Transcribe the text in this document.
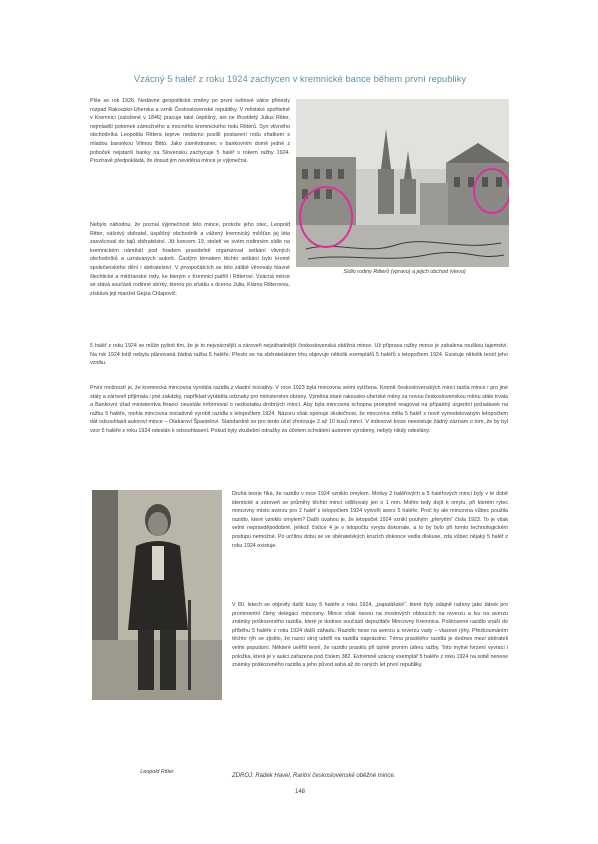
Vzácný 5 haléř z roku 1924 zachycen v kremnické bance během první republiky

Píše se rok 1926. Nedávné geopolitické změny po první světové válce přinesly rozpad Rakousko-Uherska a vznik Československé republiky. V městské spořitelně v Kremnici (založené v 1846) pracuje také úspěšný, ani ne třicetiletý Julius Ritter, nejmladší potomek zámožného a mocného kremnického rodu Ritterů. Syn vlivného obchodníka Leopolda Rittera teprve nedávno posílil postavení rodu sňatkem s mladou baronkou Vilmou Bittó. Jako zaměstnanec v bankovním domě jedné z poboček nejstarší banky na Slovensku zachycuje 5 haléř s rokem ražby 1924. Prozíravě předpokládá, že dosud jim neviděná mince je výjimečná.

Sídlo rodiny Ritterů (vpravo) a jejich obchod (vlevo)

Nebylo náhodou, že poznal výjimečnost této mince, protože jeho otec, Leopold Ritter, vášnivý sběratel, úspěšný obchodník a vážený kremnický měšťan jej léta zasvěcoval do tajů sběratelství. Již koncem 19. století ve svém rodinném sídle na kremnickém náměstí pod hradem pravidelně organizoval setkání vlivných obchodníků a uznávaných autorit. Častým tématem těchto setkání bylo kromě společenského dění i sběratelství. V prvopočátcích se této zálibě věnovaly hlavně šlechtické a měšťanské rody, ke kterým v Kremnici patřili i Ritterovi. Vzácná mince se stává součástí rodinné sbírky, kterou po sňatku s dcerou Julia, Klárou Ritterovou, získává její manžel Gejza Chlapovič.

5 haléř z roku 1924 se může pyšnit tím, že je to nejvzácnější a zároveň nejzáhadnější československá oběžná mince. Už příprava ražby mince je zahalena rouškou tajemství. Na rok 1924 totiž nebyla plánovaná žádná ražba 5 haléře. Přesto se na sběratelském trhu objevuje několik exemplářů 5 haléřů s letopočtem 1924. Existuje několik teorií jeho vzniku.

První možností je, že kremnická mincovna vyrobila razidla z vlastní iniciativy. V roce 1923 byla mincovna velmi vytížena. Kromě československých mincí razila mince i pro jiné státy a zároveň přijímala i jiné zakázky, například vyráběla odznaky pro ministerstvo obrany. Výměna staré rakousko-uherské měny za novou československou měnu stále trvala a Bankovní úřad ministerstva financí neustále informoval o nedostatku drobných mincí. Aby byla mincovna schopna promptně reagovat na případný urgentní požadavek na ražbu 5 haléře, mohla mincovna iniciativně vyrobit razidla s letopočtem 1924. Názoru však oponuje skutečnost, že mincovna měla 5 haléř s nově vymodelovaným letopočtem dát odsouhlasit autorovi mince – Otakarovi Španielovi. Standardně se pro tento účel zhotovuje 2 až 10 kusů mincí. V indexové knize neexistuje žádný záznam o tom, že by byl vzor 5 haléře z roku 1924 odeslán k odsouhlasení. Pokud byly zkušební odražky za účelem schválení autorem vyrobeny, nebyly nikdy odeslány.

Leopold Ritter

Druhá teorie říká, že razidlo v roce 1924 vzniklo omylem. Motivy 2 haléřových a 5 haléřových mincí byly v té době identické a zároveň se průměry těchto mincí odlišovaly jen o 1 mm. Mohlo tedy dojít k omylu, při kterém rytec mincovny místo averzu pro 2 haléř s letopočtem 1924 vytvořil averz 5 haléře. Proč by ale mincovna vůbec použila razidlo, které vzniklo omylem? Další úvahou je, že letopočet 1924 vznikl pouhým „přerytím“ čísla 1923. To je však velmi nepravděpodobné, jelikož číslice 4 je v letopočtu vyryta dokonale, a to by bylo při tomto technologickém postupu nemožné. Po určitou dobu se ve sběratelských kruzích dokonce vedla diskuse, zda vůbec nějaký 5 haléř z roku 1924 existuje.

V 80. letech se objevily další kusy 5 haléře z roku 1924, „papalášské“, které byly údajně raženy jako dárek pro prominentní členy delegací mincovny. Mince však nesou na mostových obloucích na reverzu a lvu na averzu známky poškozeného razidla, které je dodnes součástí depozitáře Mincovny Kremnica. Poškozené razidlo vnáší do příběhu 5 haléře z roku 1924 další záhadu. Razidlo nese na averzu a reverzu vady – vlasové rýhy. Přezkoumáním těchto rýh se zjistilo, že razicí stroj udeřil na razidla naprázdno. Téma prasklého razidla je dodnes mezi sběrateli velmi populární. Některé uvěřili teorii, že razidlo prasklo při úplně prvním úderu ražby. Toto mylné tvrzení vyvrací i položka, která je v aukci zařazena pod číslem 382. Extrémně vzácný exemplář 5 haléře z roku 1924 na sobě nenese známky poškozeného razidla a jeho původ sahá až do raných let první republiky.

ZDROJ: Radek Havel, Raritní československé oběžné mince.
148
